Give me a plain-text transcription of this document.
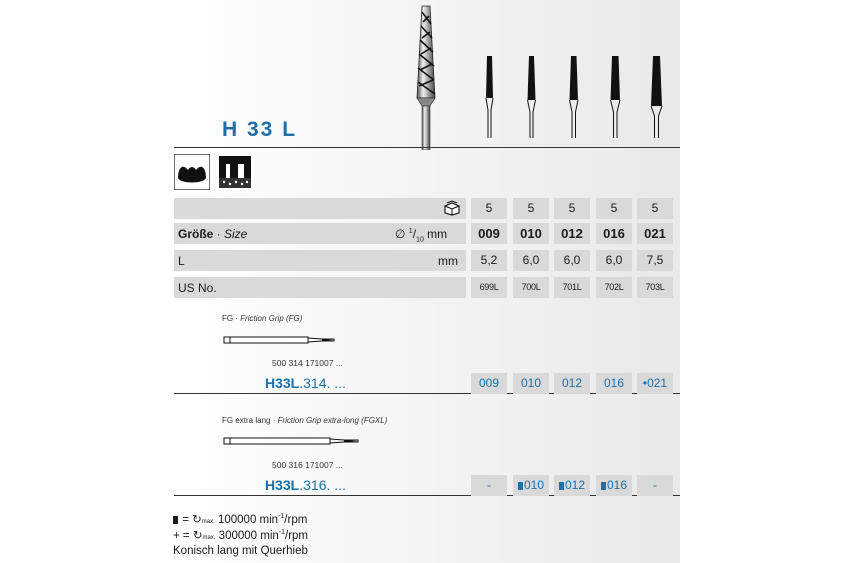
H 33 L
5	5	5	5	5
Größe · Size	∅ $^1/_{10}$ mm	009	010	012	016	021
L	mm	5,2	6,0	6,0	6,0	7,5
US No.	699L	700L	701L	702L	703L
FG · Friction Grip (FG)
500 314 171007 ...
H33L.314. ...	009	010	012	016	•021
FG extra lang · Friction Grip extra-long (FGXL)
500 316 171007 ...
H33L.316. ...	-	010	012	016	-
= ↻max. 100000 $\min^{-1}$/rpm
+ = ↻max. 300000 $\min^{-1}$/rpm
Konisch lang mit Querhieb
